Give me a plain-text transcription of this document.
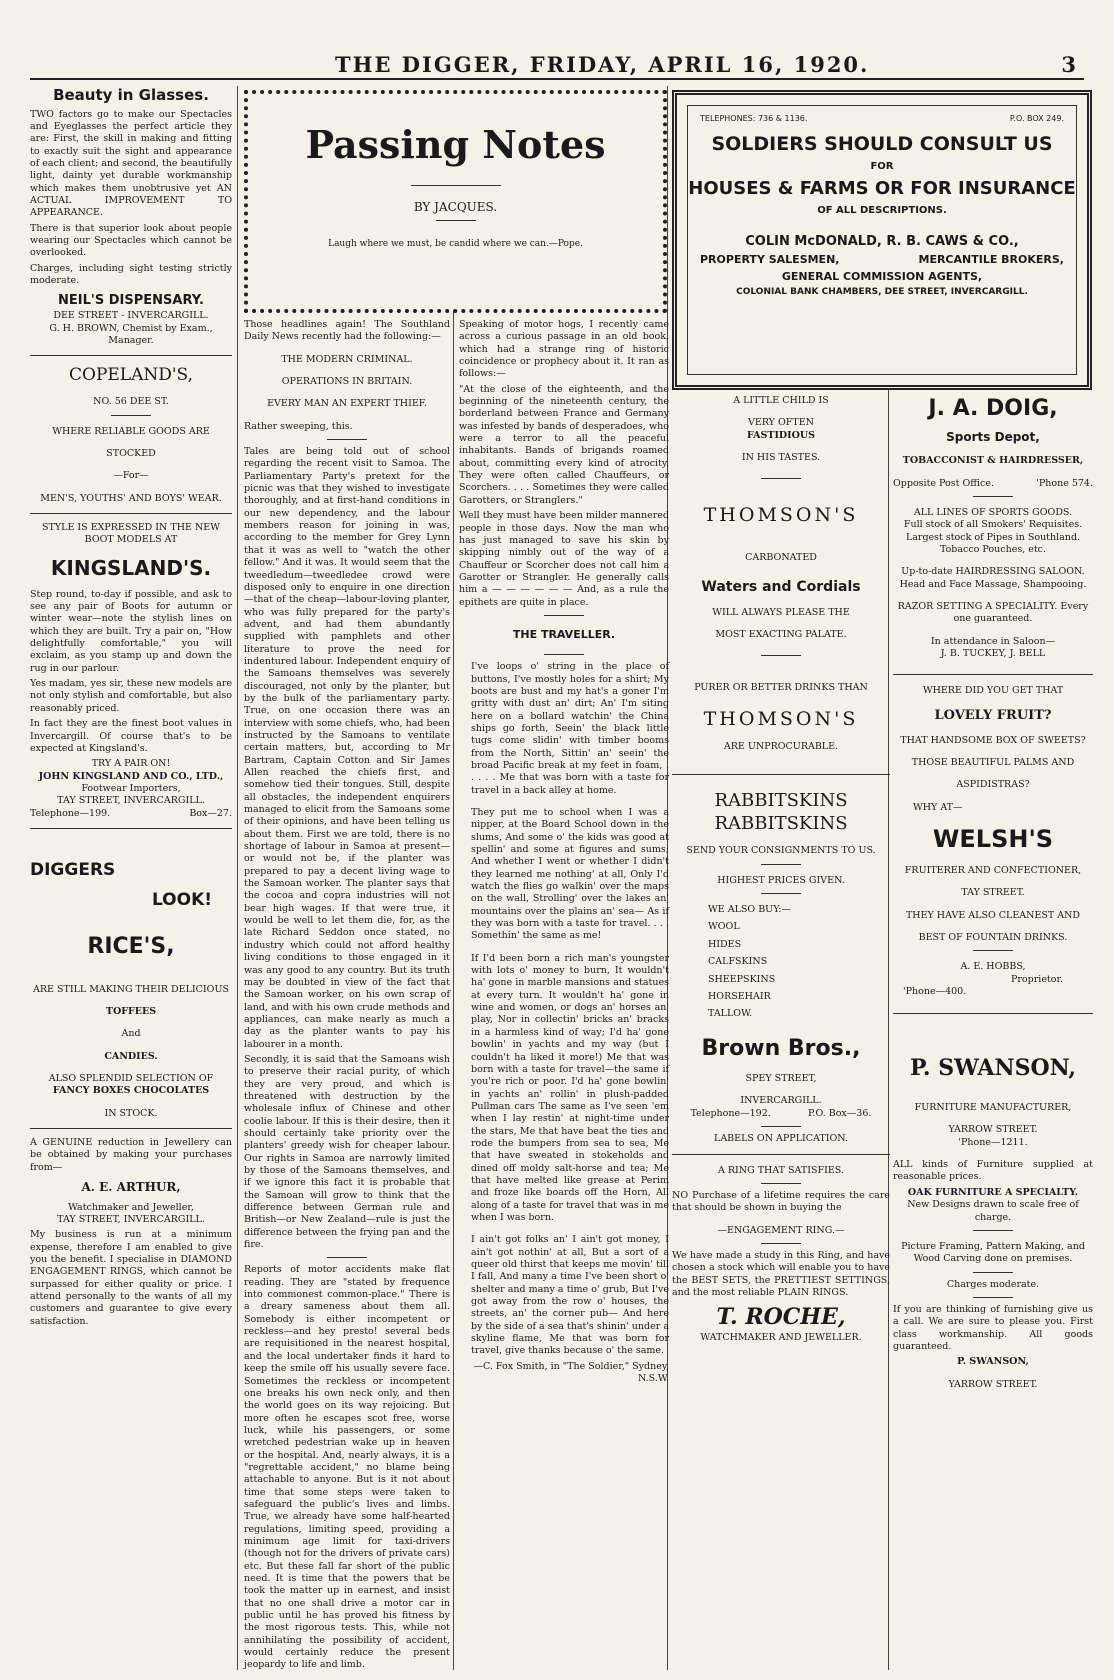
THE DIGGER, FRIDAY, APRIL 16, 1920.	3
Beauty in Glasses.

TWO factors go to make our Spectacles and Eyeglasses the perfect article they are: First, the skill in making and fitting to exactly suit the sight and appearance of each client; and second, the beautifully light, dainty yet durable workmanship which makes them unobtrusive yet AN ACTUAL IMPROVEMENT TO APPEARANCE.

There is that superior look about people wearing our Spectacles which cannot be overlooked.

Charges, including sight testing strictly moderate.

NEIL'S DISPENSARY.
DEE STREET - INVERCARGILL.
G. H. BROWN, Chemist by Exam., Manager.
COPELAND'S,
NO. 56 DEE ST.
WHERE RELIABLE GOODS ARE
STOCKED
—For—
MEN'S, YOUTHS' AND BOYS' WEAR.
STYLE IS EXPRESSED IN THE NEW BOOT MODELS AT
KINGSLAND'S.

Step round, to-day if possible, and ask to see any pair of Boots for autumn or winter wear—note the stylish lines on which they are built. Try a pair on, "How delightfully comfortable," you will exclaim, as you stamp up and down the rug in our parlour.

Yes madam, yes sir, these new models are not only stylish and comfortable, but also reasonably priced.

In fact they are the finest boot values in Invercargill. Of course that's to be expected at Kingsland's.

TRY A PAIR ON!
JOHN KINGSLAND AND CO., LTD.,
Footwear Importers,
TAY STREET, INVERCARGILL.
Telephone—199.	Box—27.
DIGGERS
LOOK!
RICE'S,
ARE STILL MAKING THEIR DELICIOUS
TOFFEES
And
CANDIES.
ALSO SPLENDID SELECTION OF
FANCY BOXES CHOCOLATES
IN STOCK.

A GENUINE reduction in Jewellery can be obtained by making your purchases from—

A. E. ARTHUR,
Watchmaker and Jeweller,
TAY STREET, INVERCARGILL.

My business is run at a minimum expense, therefore I am enabled to give you the benefit. I specialise in DIAMOND ENGAGEMENT RINGS, which cannot be surpassed for either quality or price. I attend personally to the wants of all my customers and guarantee to give every satisfaction.

Passing Notes
BY JACQUES.
Laugh where we must, be candid where we can.—Pope.

Those headlines again! The Southland Daily News recently had the following:—

THE MODERN CRIMINAL.
OPERATIONS IN BRITAIN.
EVERY MAN AN EXPERT THIEF.

Rather sweeping, this.

Tales are being told out of school regarding the recent visit to Samoa. The Parliamentary Party's pretext for the picnic was that they wished to investigate thoroughly, and at first-hand conditions in our new dependency, and the labour members reason for joining in was, according to the member for Grey Lynn that it was as well to "watch the other fellow." And it was. It would seem that the tweedledum—tweedledee crowd were disposed only to enquire in one direction—that of the cheap—labour-loving planter, who was fully prepared for the party's advent, and had them abundantly supplied with pamphlets and other literature to prove the need for indentured labour. Independent enquiry of the Samoans themselves was severely discouraged, not only by the planter, but by the bulk of the parliamentary party. True, on one occasion there was an interview with some chiefs, who, had been instructed by the Samoans to ventilate certain matters, but, according to Mr Bartram, Captain Cotton and Sir James Allen reached the chiefs first, and somehow tied their tongues. Still, despite all obstacles, the independent enquirers managed to elicit from the Samoans some of their opinions, and have been telling us about them. First we are told, there is no shortage of labour in Samoa at present—or would not be, if the planter was prepared to pay a decent living wage to the Samoan worker. The planter says that the cocoa and copra industries will not bear high wages. If that were true, it would be well to let them die, for, as the late Richard Seddon once stated, no industry which could not afford healthy living conditions to those engaged in it was any good to any country. But its truth may be doubted in view of the fact that the Samoan worker, on his own scrap of land, and with his own crude methods and appliances, can make nearly as much a day as the planter wants to pay his labourer in a month.

Secondly, it is said that the Samoans wish to preserve their racial purity, of which they are very proud, and which is threatened with destruction by the wholesale influx of Chinese and other coolie labour. If this is their desire, then it should certainly take priority over the planters' greedy wish for cheaper labour. Our rights in Samoa are narrowly limited by those of the Samoans themselves, and if we ignore this fact it is probable that the Samoan will grow to think that the difference between German rule and British—or New Zealand—rule is just the difference between the frying pan and the fire.

Reports of motor accidents make flat reading. They are "stated by frequence into commonest common-place." There is a dreary sameness about them all. Somebody is either incompetent or reckless—and hey presto! several beds are requisitioned in the nearest hospital, and the local undertaker finds it hard to keep the smile off his usually severe face. Sometimes the reckless or incompetent one breaks his own neck only, and then the world goes on its way rejoicing. But more often he escapes scot free, worse luck, while his passengers, or some wretched pedestrian wake up in heaven or the hospital. And, nearly always, it is a "regrettable accident," no blame being attachable to anyone. But is it not about time that some steps were taken to safeguard the public's lives and limbs. True, we already have some half-hearted regulations, limiting speed, providing a minimum age limit for taxi-drivers (though not for the drivers of private cars) etc. But these fall far short of the public need. It is time that the powers that be took the matter up in earnest, and insist that no one shall drive a motor car in public until he has proved his fitness by the most rigorous tests. This, while not annihilating the possibility of accident, would certainly reduce the present jeopardy to life and limb.

Speaking of motor hogs, I recently came across a curious passage in an old book, which had a strange ring of historic coincidence or prophecy about it. It ran as follows:—

"At the close of the eighteenth, and the beginning of the nineteenth century, the borderland between France and Germany was infested by bands of desperadoes, who were a terror to all the peaceful inhabitants. Bands of brigands roamed about, committing every kind of atrocity. They were often called Chauffeurs, or Scorchers. . . . Sometimes they were called Garotters, or Stranglers."

Well they must have been milder mannered people in those days. Now the man who has just managed to save his skin by skipping nimbly out of the way of a Chauffeur or Scorcher does not call him a Garotter or Strangler. He generally calls him a — — — — — — And, as a rule the epithets are quite in place.

THE TRAVELLER.

I've loops o' string in the place of buttons, I've mostly holes for a shirt; My boots are bust and my hat's a goner I'm gritty with dust an' dirt; An' I'm siting here on a bollard watchin' the China ships go forth, Seein' the black little tugs come slidin' with timber booms from the North, Sittin' an' seein' the broad Pacific break at my feet in foam, . . . . . Me that was born with a taste for travel in a back alley at home.

They put me to school when I was a nipper, at the Board School down in the slums, And some o' the kids was good at spellin' and some at figures and sums; And whether I went or whether I didn't they learned me nothing' at all, Only I'd watch the flies go walkin' over the maps on the wall, Strolling' over the lakes an' mountains over the plains an' sea— As if they was born with a taste for travel. . . . Somethin' the same as me!

If I'd been born a rich man's youngster with lots o' money to burn, It wouldn't ha' gone in marble mansions and statues at every turn. It wouldn't ha' gone in wine and women, or dogs an' horses an' play, Nor in collectin' bricks an' bracks in a harmless kind of way; I'd ha' gone bowlin' in yachts and my way (but I couldn't ha liked it more!) Me that was born with a taste for travel—the same if you're rich or poor. I'd ha' gone bowlin' in yachts an' rollin' in plush-padded Pullman cars The same as I've seen 'em when I lay restin' at night-time under the stars, Me that have beat the ties and rode the bumpers from sea to sea, Me that have sweated in stokeholds and dined off moldy salt-horse and tea; Me that have melted like grease at Perim and froze like boards off the Horn, All along of a taste for travel that was in me when I was born.

I ain't got folks an' I ain't got money, I ain't got nothin' at all, But a sort of a queer old thirst that keeps me movin' till I fall, And many a time I've been short o' shelter and many a time o' grub, But I've got away from the row o' houses, the streets, an' the corner pub— And here by the side of a sea that's shinin' under a skyline flame, Me that was born for travel, give thanks because o' the same.

—C. Fox Smith, in "The Soldier," Sydney, N.S.W.
TELEPHONES: 736 & 1136.	P.O. BOX 249.
SOLDIERS SHOULD CONSULT US
FOR
HOUSES & FARMS OR FOR INSURANCE
OF ALL DESCRIPTIONS.
COLIN McDONALD, R. B. CAWS & CO.,
PROPERTY SALESMEN,	MERCANTILE BROKERS,
GENERAL COMMISSION AGENTS,
COLONIAL BANK CHAMBERS, DEE STREET, INVERCARGILL.
A LITTLE CHILD IS
VERY OFTEN
FASTIDIOUS
IN HIS TASTES.
THOMSON'S
CARBONATED
Waters and Cordials
WILL ALWAYS PLEASE THE
MOST EXACTING PALATE.
PURER OR BETTER DRINKS THAN
THOMSON'S
ARE UNPROCURABLE.
RABBITSKINS
RABBITSKINS
SEND YOUR CONSIGNMENTS TO US.
HIGHEST PRICES GIVEN.
WE ALSO BUY:—
WOOL
HIDES
CALFSKINS
SHEEPSKINS
HORSEHAIR
TALLOW.
Brown Bros.,
SPEY STREET,
INVERCARGILL.
Telephone—192.	P.O. Box—36.
LABELS ON APPLICATION.
A RING THAT SATISFIES.

NO Purchase of a lifetime requires the care that should be shown in buying the

—ENGAGEMENT RING.—

We have made a study in this Ring, and have chosen a stock which will enable you to have the BEST SETS, the PRETTIEST SETTINGS, and the most reliable PLAIN RINGS.

T. ROCHE,
WATCHMAKER AND JEWELLER.
J. A. DOIG,
Sports Depot,
TOBACCONIST & HAIRDRESSER,
Opposite Post Office.	'Phone 574.
ALL LINES OF SPORTS GOODS.
Full stock of all Smokers' Requisites. Largest stock of Pipes in Southland. Tobacco Pouches, etc.
Up-to-date HAIRDRESSING SALOON. Head and Face Massage, Shampooing.
RAZOR SETTING A SPECIALITY. Every one guaranteed.
In attendance in Saloon—
J. B. TUCKEY, J. BELL
WHERE DID YOU GET THAT
LOVELY FRUIT?
THAT HANDSOME BOX OF SWEETS?
THOSE BEAUTIFUL PALMS AND
ASPIDISTRAS?
WHY AT—
WELSH'S
FRUITERER AND CONFECTIONER,
TAY STREET.
THEY HAVE ALSO CLEANEST AND
BEST OF FOUNTAIN DRINKS.
A. E. HOBBS,
Proprietor.
'Phone—400.
P. SWANSON,
FURNITURE MANUFACTURER,
YARROW STREET.
'Phone—1211.

ALL kinds of Furniture supplied at reasonable prices.

OAK FURNITURE A SPECIALTY.
New Designs drawn to scale free of charge.
Picture Framing, Pattern Making, and Wood Carving done on premises.
Charges moderate.

If you are thinking of furnishing give us a call. We are sure to please you. First class workmanship. All goods guaranteed.

P. SWANSON,
YARROW STREET.
